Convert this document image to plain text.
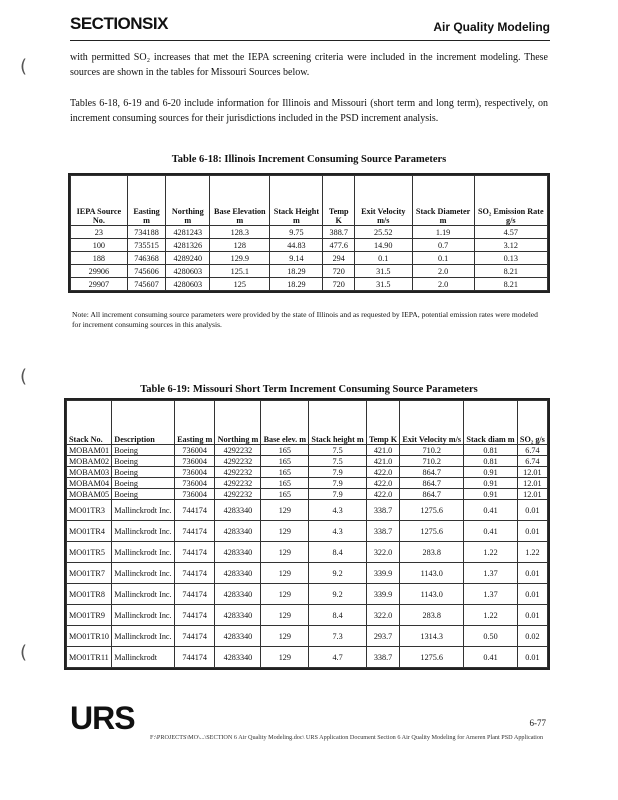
SECTIONSIX	Air Quality Modeling
with permitted SO₂ increases that met the IEPA screening criteria were included in the increment modeling. These sources are shown in the tables for Missouri Sources below.
Tables 6-18, 6-19 and 6-20 include information for Illinois and Missouri (short term and long term), respectively, on increment consuming sources for their jurisdictions included in the PSD increment analysis.
Table 6-18: Illinois Increment Consuming Source Parameters
IEPA Source No.	Easting m	Northing m	Base Elevation m	Stack Height m	Temp K	Exit Velocity m/s	Stack Diameter m	SO₂ Emission Rate g/s
23	734188	4281243	128.3	9.75	388.7	25.52	1.19	4.57
100	735515	4281326	128	44.83	477.6	14.90	0.7	3.12
188	746368	4289240	129.9	9.14	294	0.1	0.1	0.13
29906	745606	4280603	125.1	18.29	720	31.5	2.0	8.21
29907	745607	4280603	125	18.29	720	31.5	2.0	8.21
Note: All increment consuming source parameters were provided by the state of Illinois and as requested by IEPA, potential emission rates were modeled for increment consuming sources in this analysis.
(
(
(
Table 6-19: Missouri Short Term Increment Consuming Source Parameters
Stack No.	Description	Easting m	Northing m	Base elev. m	Stack height m	Temp K	Exit Velocity m/s	Stack diam m	SO₂ g/s
MOBAM01	Boeing	736004	4292232	165	7.5	421.0	710.2	0.81	6.74
MOBAM02	Boeing	736004	4292232	165	7.5	421.0	710.2	0.81	6.74
MOBAM03	Boeing	736004	4292232	165	7.9	422.0	864.7	0.91	12.01
MOBAM04	Boeing	736004	4292232	165	7.9	422.0	864.7	0.91	12.01
MOBAM05	Boeing	736004	4292232	165	7.9	422.0	864.7	0.91	12.01
MO01TR3	Mallinckrodt Inc.	744174	4283340	129	4.3	338.7	1275.6	0.41	0.01
MO01TR4	Mallinckrodt Inc.	744174	4283340	129	4.3	338.7	1275.6	0.41	0.01
MO01TR5	Mallinckrodt Inc.	744174	4283340	129	8.4	322.0	283.8	1.22	1.22
MO01TR7	Mallinckrodt Inc.	744174	4283340	129	9.2	339.9	1143.0	1.37	0.01
MO01TR8	Mallinckrodt Inc.	744174	4283340	129	9.2	339.9	1143.0	1.37	0.01
MO01TR9	Mallinckrodt Inc.	744174	4283340	129	8.4	322.0	283.8	1.22	0.01
MO01TR10	Mallinckrodt Inc.	744174	4283340	129	7.3	293.7	1314.3	0.50	0.02
MO01TR11	Mallinckrodt	744174	4283340	129	4.7	338.7	1275.6	0.41	0.01
URS	6-77
F:\PROJECTS\MO\...\SECTION 6 Air Quality Modeling.doc\ URS Application Document Section 6 Air Quality Modeling for Ameren Plant PSD Application
